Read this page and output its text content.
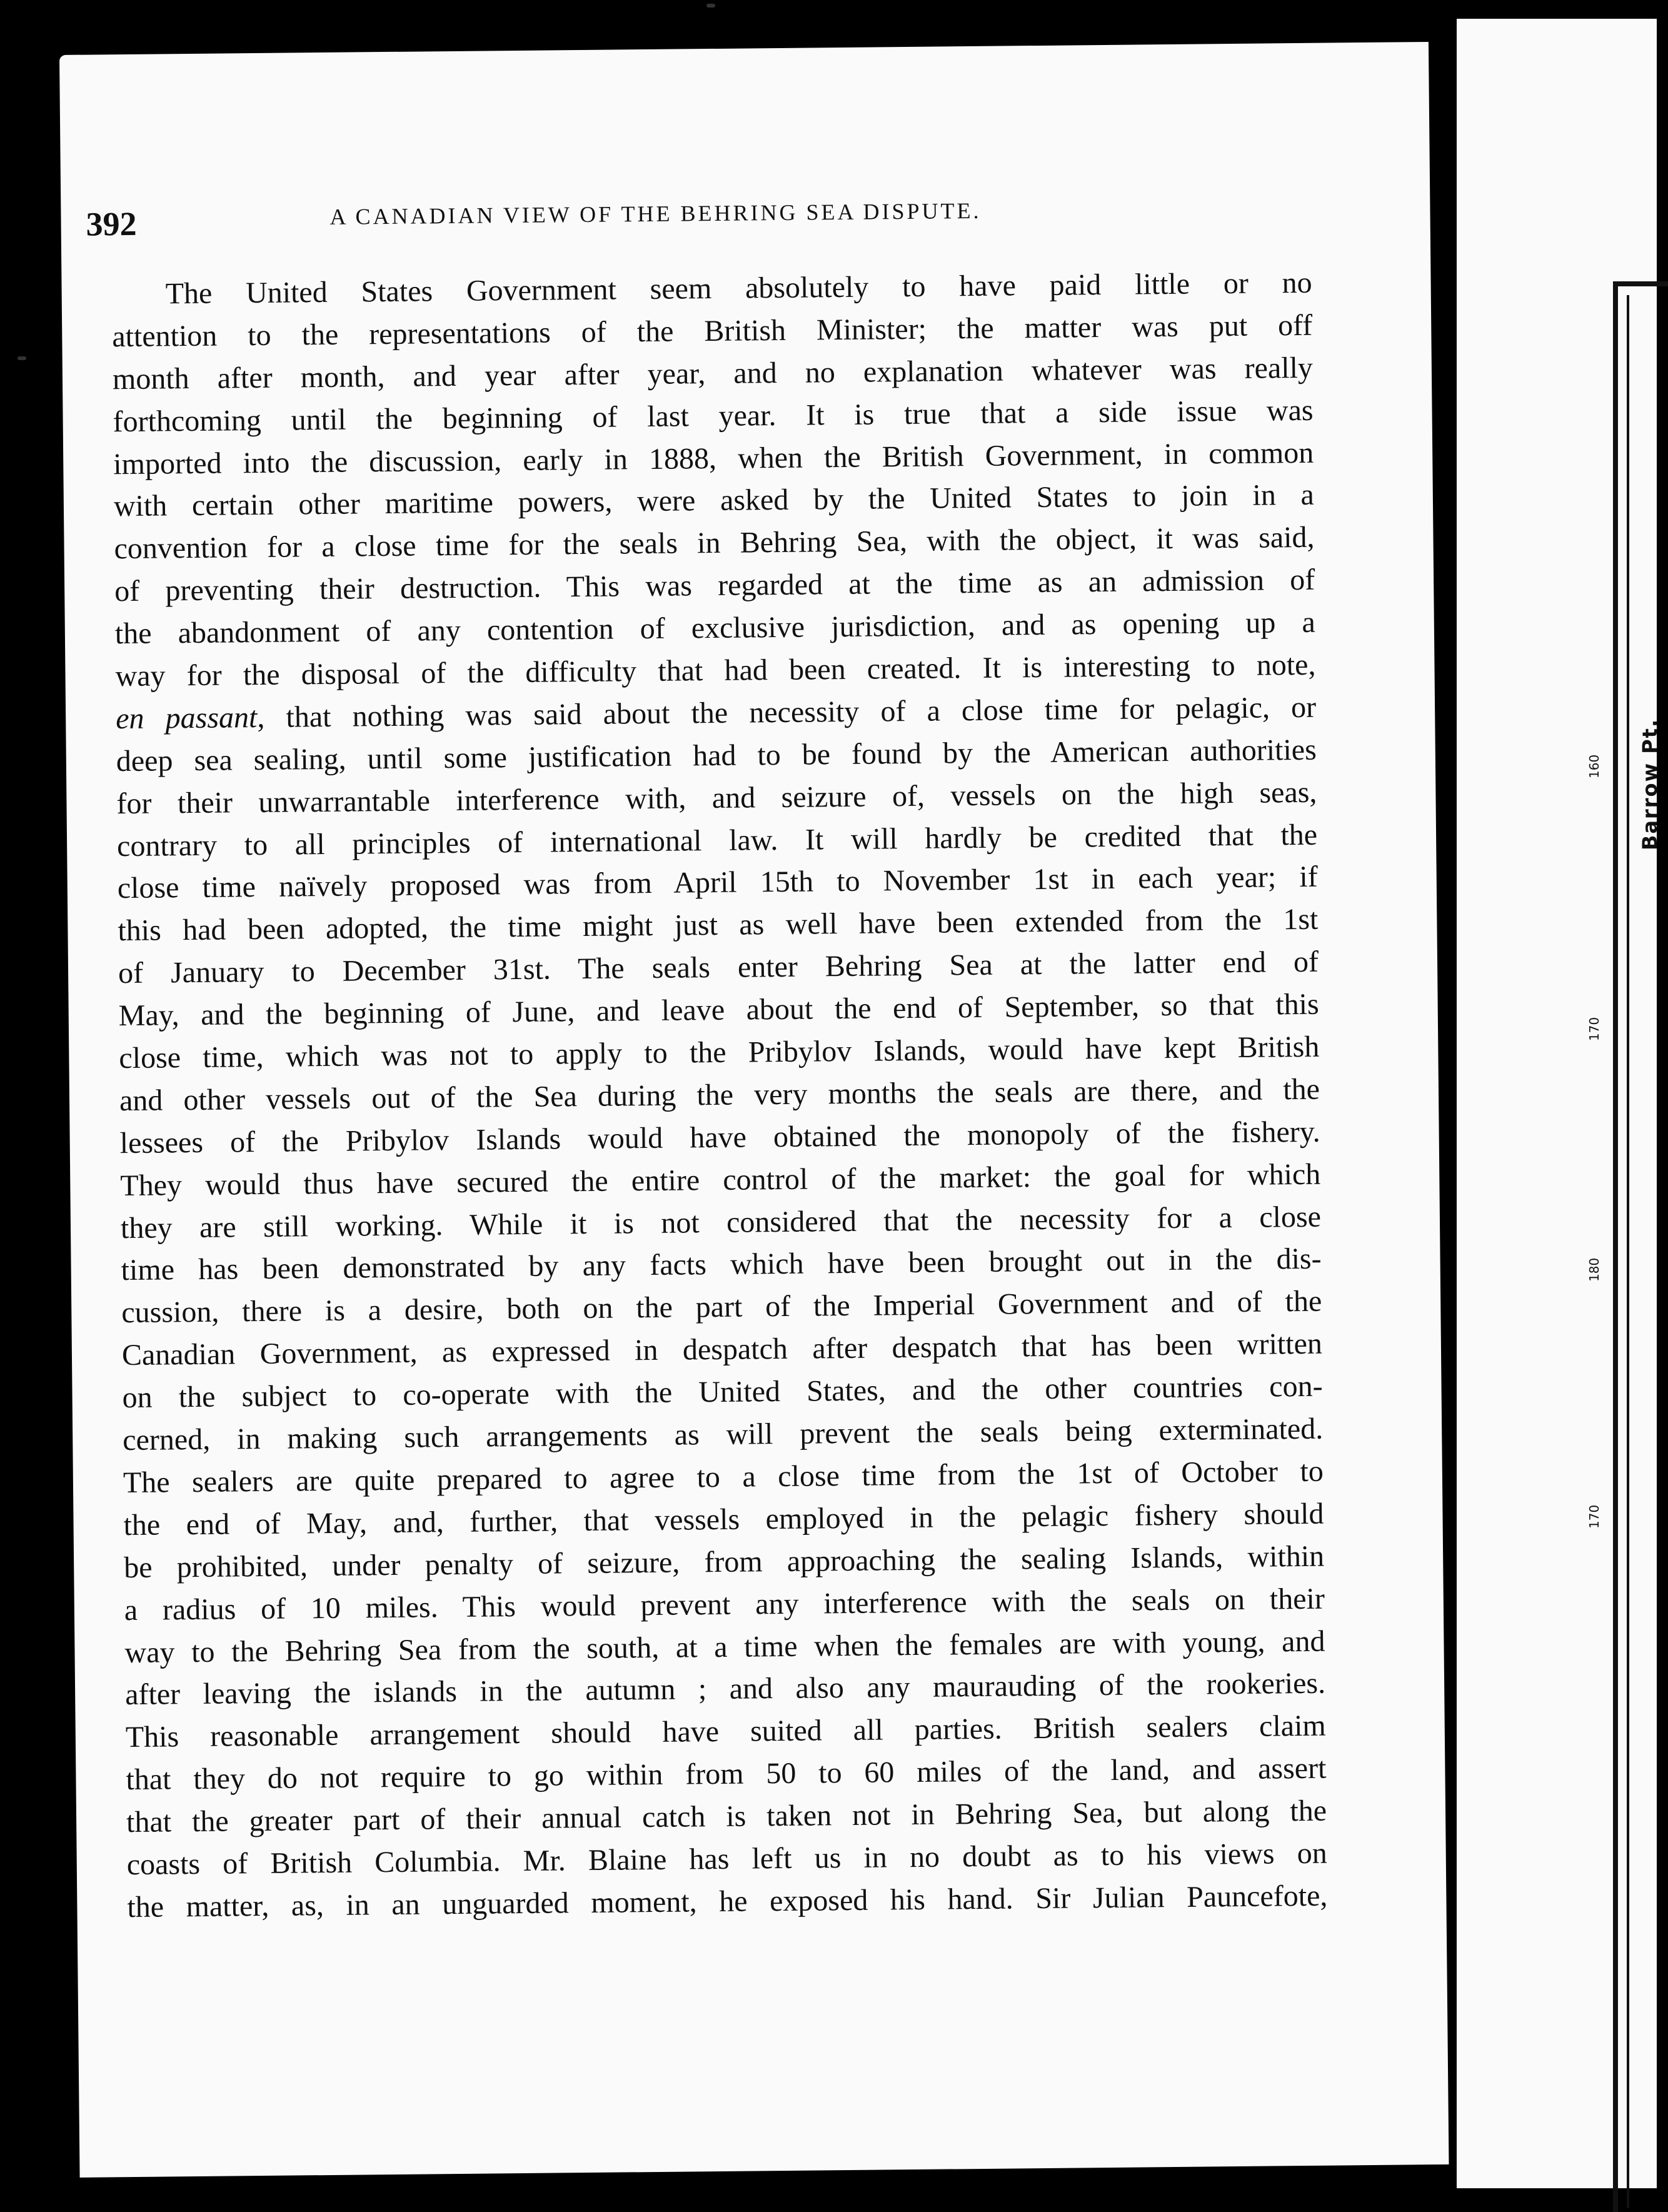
Barrow Pt.
160
170
180
170
392	A CANADIAN VIEW OF THE BEHRING SEA DISPUTE.
The United States Government seem absolutely to have paid little or no
attention to the representations of the British Minister; the matter was put off
month after month, and year after year, and no explanation whatever was really
forthcoming until the beginning of last year. It is true that a side issue was
imported into the discussion, early in 1888, when the British Government, in common
with certain other maritime powers, were asked by the United States to join in a
convention for a close time for the seals in Behring Sea, with the object, it was said,
of preventing their destruction. This was regarded at the time as an admission of
the abandonment of any contention of exclusive jurisdiction, and as opening up a
way for the disposal of the difficulty that had been created. It is interesting to note,
en passant, that nothing was said about the necessity of a close time for pelagic, or
deep sea sealing, until some justification had to be found by the American authorities
for their unwarrantable interference with, and seizure of, vessels on the high seas,
contrary to all principles of international law. It will hardly be credited that the
close time naïvely proposed was from April 15th to November 1st in each year; if
this had been adopted, the time might just as well have been extended from the 1st
of January to December 31st. The seals enter Behring Sea at the latter end of
May, and the beginning of June, and leave about the end of September, so that this
close time, which was not to apply to the Pribylov Islands, would have kept British
and other vessels out of the Sea during the very months the seals are there, and the
lessees of the Pribylov Islands would have obtained the monopoly of the fishery.
They would thus have secured the entire control of the market: the goal for which
they are still working. While it is not considered that the necessity for a close
time has been demonstrated by any facts which have been brought out in the dis-
cussion, there is a desire, both on the part of the Imperial Government and of the
Canadian Government, as expressed in despatch after despatch that has been written
on the subject to co-operate with the United States, and the other countries con-
cerned, in making such arrangements as will prevent the seals being exterminated.
The sealers are quite prepared to agree to a close time from the 1st of October to
the end of May, and, further, that vessels employed in the pelagic fishery should
be prohibited, under penalty of seizure, from approaching the sealing Islands, within
a radius of 10 miles. This would prevent any interference with the seals on their
way to the Behring Sea from the south, at a time when the females are with young, and
after leaving the islands in the autumn ; and also any maurauding of the rookeries.
This reasonable arrangement should have suited all parties. British sealers claim
that they do not require to go within from 50 to 60 miles of the land, and assert
that the greater part of their annual catch is taken not in Behring Sea, but along the
coasts of British Columbia. Mr. Blaine has left us in no doubt as to his views on
the matter, as, in an unguarded moment, he exposed his hand. Sir Julian Pauncefote,
